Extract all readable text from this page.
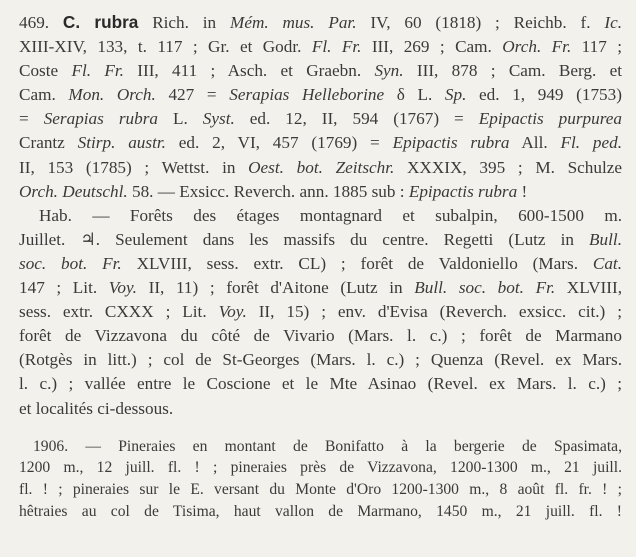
469. C. rubra Rich. in Mém. mus. Par. IV, 60 (1818) ; Reichb. f. Ic.
XIII-XIV, 133, t. 117 ; Gr. et Godr. Fl. Fr. III, 269 ; Cam. Orch. Fr. 117 ;
Coste Fl. Fr. III, 411 ; Asch. et Graebn. Syn. III, 878 ; Cam. Berg. et
Cam. Mon. Orch. 427 = Serapias Helleborine δ L. Sp. ed. 1, 949 (1753)
= Serapias rubra L. Syst. ed. 12, II, 594 (1767) = Epipactis purpurea
Crantz Stirp. austr. ed. 2, VI, 457 (1769) = Epipactis rubra All. Fl. ped.
II, 153 (1785) ; Wettst. in Oest. bot. Zeitschr. XXXIX, 395 ; M. Schulze
Orch. Deutschl. 58. — Exsicc. Reverch. ann. 1885 sub : Epipactis rubra !
Hab. — Forêts des étages montagnard et subalpin, 600-1500 m.
Juillet. ♃. Seulement dans les massifs du centre. Regetti (Lutz in Bull.
soc. bot. Fr. XLVIII, sess. extr. CL) ; forêt de Valdoniello (Mars. Cat.
147 ; Lit. Voy. II, 11) ; forêt d'Aitone (Lutz in Bull. soc. bot. Fr. XLVIII,
sess. extr. CXXX ; Lit. Voy. II, 15) ; env. d'Evisa (Reverch. exsicc. cit.) ;
forêt de Vizzavona du côté de Vivario (Mars. l. c.) ; forêt de Marmano
(Rotgès in litt.) ; col de St-Georges (Mars. l. c.) ; Quenza (Revel. ex Mars.
l. c.) ; vallée entre le Coscione et le Mte Asinao (Revel. ex Mars. l. c.) ;
et localités ci-dessous.
1906. — Pineraies en montant de Bonifatto à la bergerie de Spasimata,
1200 m., 12 juill. fl. ! ; pineraies près de Vizzavona, 1200-1300 m., 21 juill.
fl. ! ; pineraies sur le E. versant du Monte d'Oro 1200-1300 m., 8 août fl. fr. ! ;
hêtraies au col de Tisima, haut vallon de Marmano, 1450 m., 21 juill. fl. !
